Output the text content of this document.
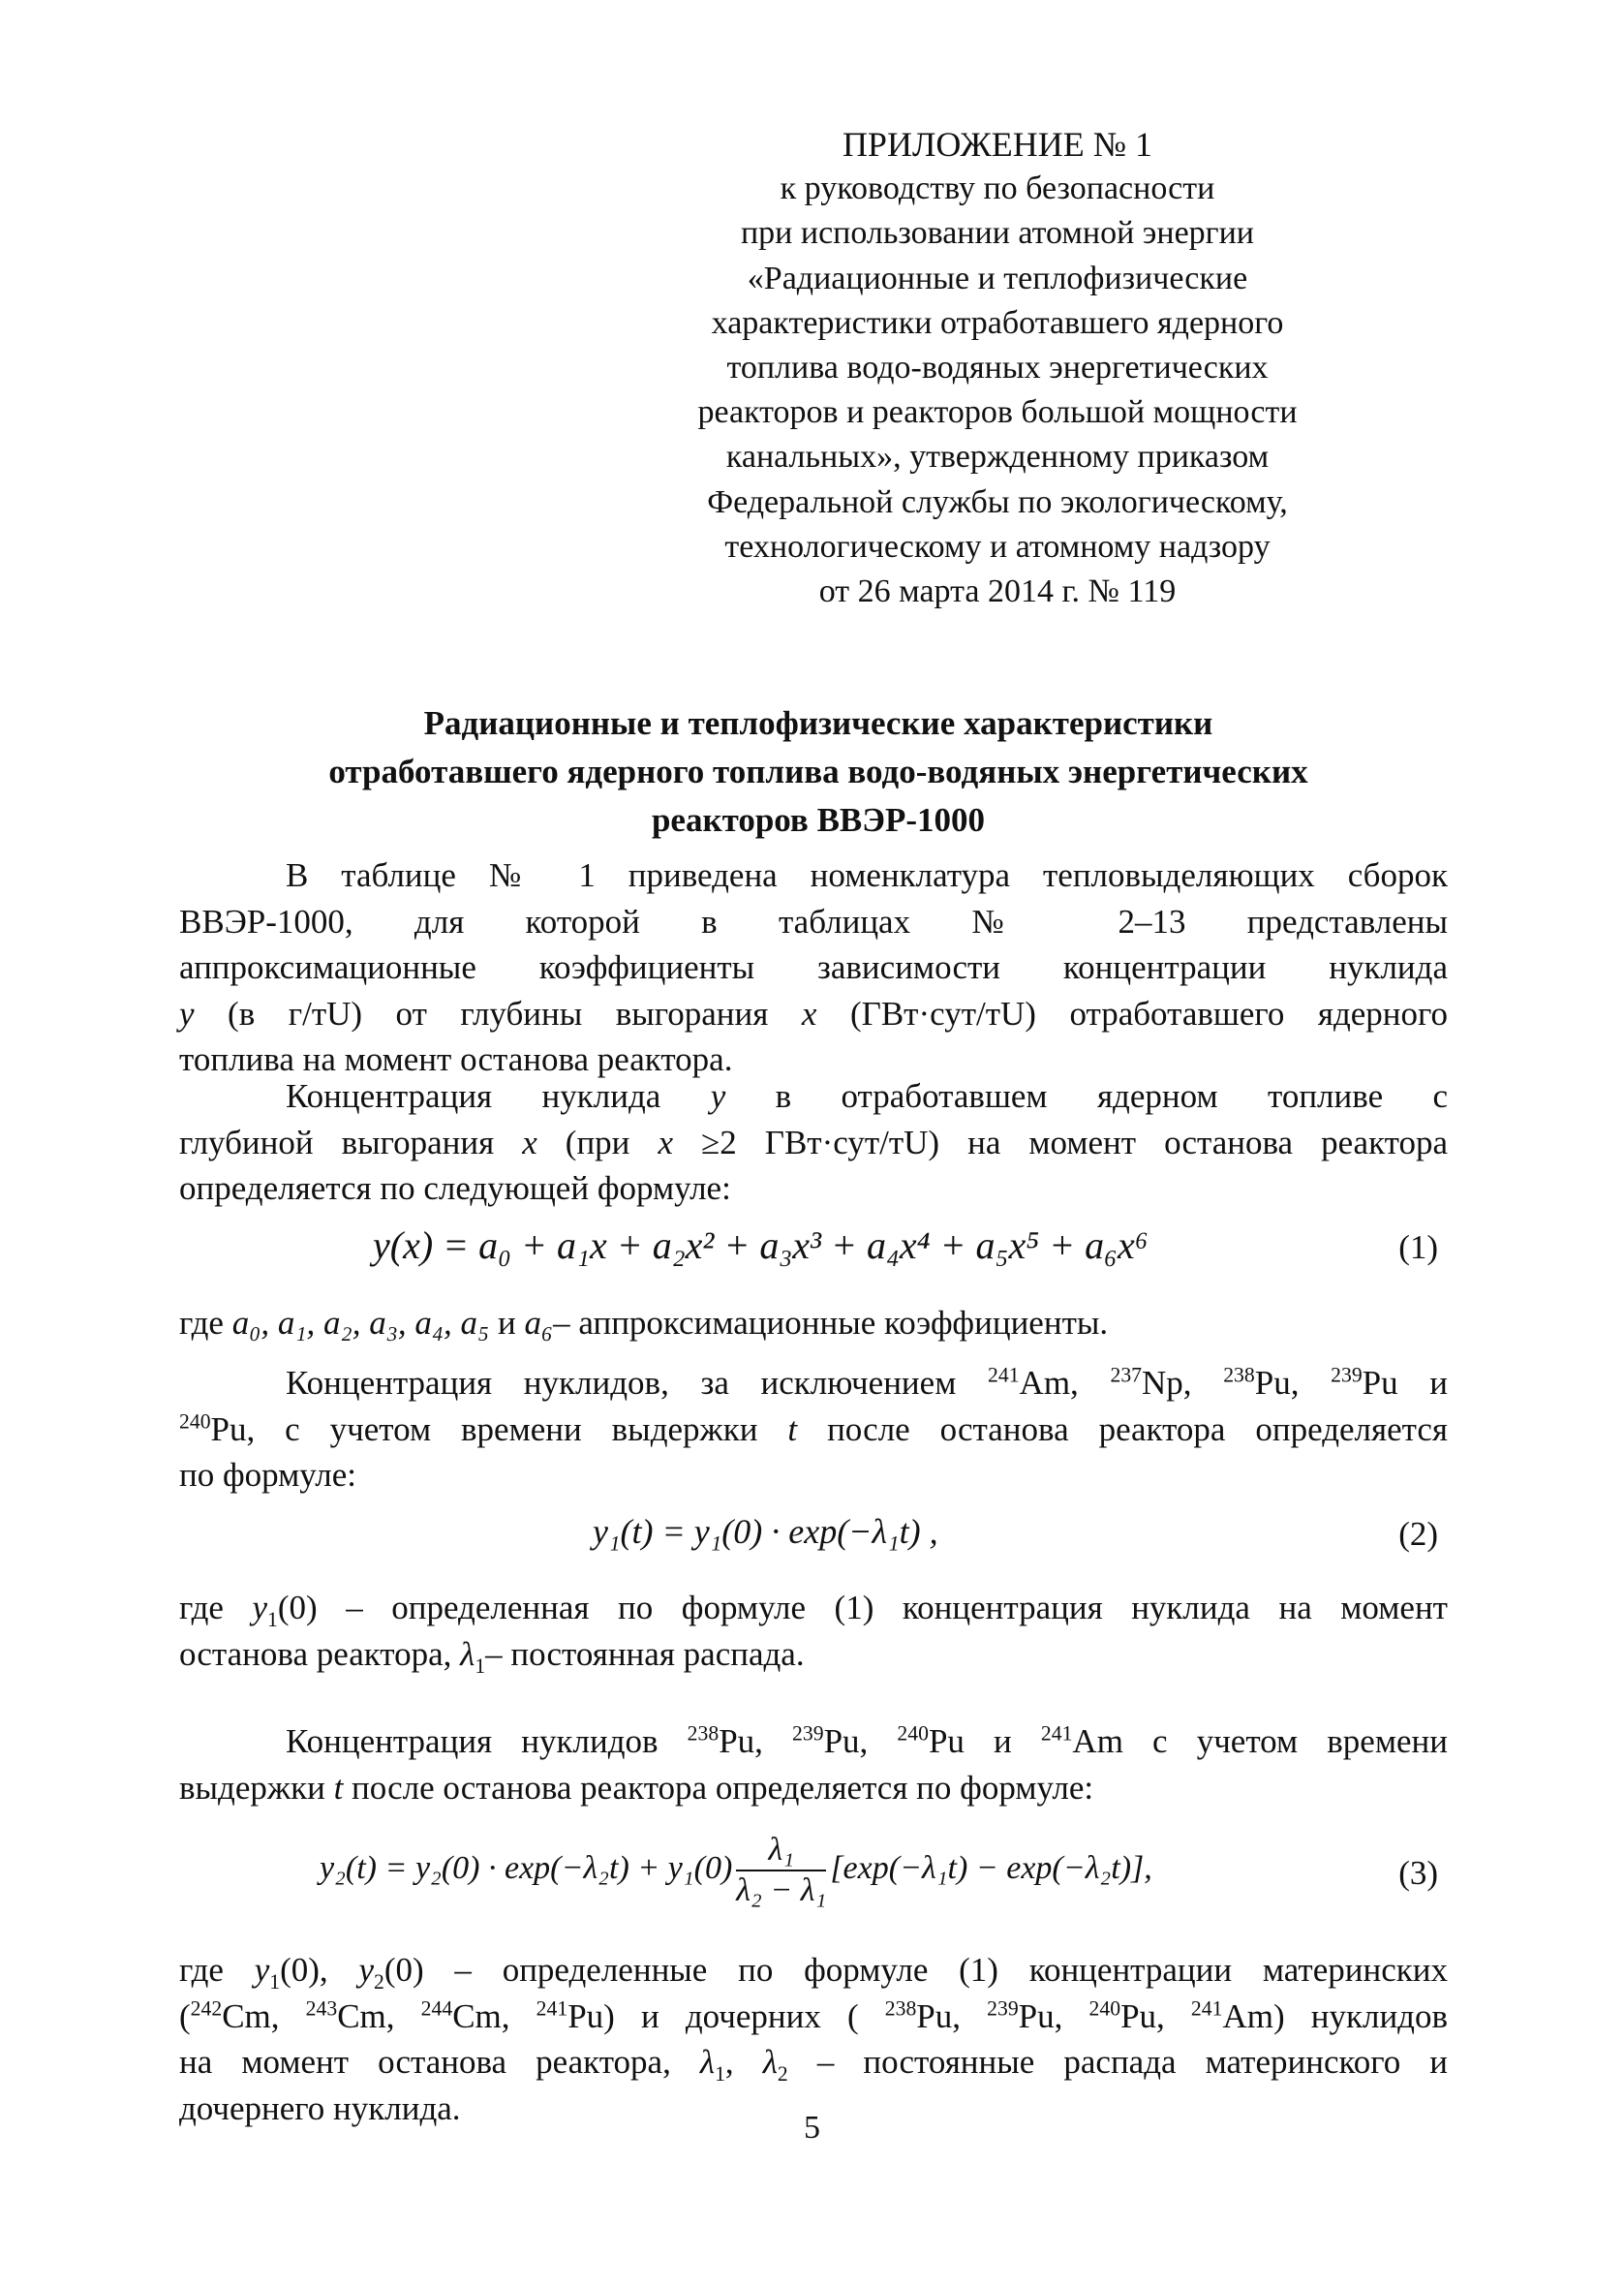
ПРИЛОЖЕНИЕ № 1
к руководству по безопасности
при использовании атомной энергии
«Радиационные и теплофизические
характеристики отработавшего ядерного
топлива водо-водяных энергетических
реакторов и реакторов большой мощности
канальных», утвержденному приказом
Федеральной службы по экологическому,
технологическому и атомному надзору
от 26 марта 2014 г. № 119
Радиационные и теплофизические характеристики
отработавшего ядерного топлива водо-водяных энергетических
реакторов ВВЭР-1000
В таблице № 1 приведена номенклатура тепловыделяющих сборок
ВВЭР-1000, для которой в таблицах № 2–13 представлены
аппроксимационные коэффициенты зависимости концентрации нуклида
y (в г/тU) от глубины выгорания x (ГВт·сут/тU) отработавшего ядерного
топлива на момент останова реактора.
Концентрация нуклида y в отработавшем ядерном топливе с
глубиной выгорания x (при x ≥2 ГВт·сут/тU) на момент останова реактора
определяется по следующей формуле:
y(x) = a₀ + a₁x + a₂x² + a₃x³ + a₄x⁴ + a₅x⁵ + a₆x⁶	(1)
где a₀, a₁, a₂, a₃, a₄, a₅ и a₆– аппроксимационные коэффициенты.
Концентрация нуклидов, за исключением $^{241}$Am, $^{237}$Np, $^{238}$Pu, $^{239}$Pu и
$^{240}$Pu, с учетом времени выдержки t после останова реактора определяется
по формуле:
y₁(t) = y₁(0) · exp(−λ₁t) ,	(2)
где $y_1(0)$ – определенная по формуле (1) концентрация нуклида на момент
останова реактора, $\lambda_1-$ постоянная распада.
Концентрация нуклидов $^{238}$Pu, $^{239}$Pu, $^{240}$Pu и $^{241}$Am с учетом времени
выдержки t после останова реактора определяется по формуле:
$y_2(t) = y_2(0) \cdot \exp(-\lambda_2t) + y_1(0) \frac{\text{λ₁}}{\text{λ₂ − λ₁}} [\exp(-\lambda_1t) - \exp(-\lambda_2t)]$,	(3)
где $y_1(0)$, $y_2(0)$ – определенные по формуле (1) концентрации материнских
($^{242}$Cm, $^{243}$Cm, $^{244}$Cm, $^{241}$Pu) и дочерних ( $^{238}$Pu, $^{239}$Pu, $^{240}$Pu, $^{241}$Am) нуклидов
на момент останова реактора, $\lambda_1$, $\lambda_2$ – постоянные распада материнского и
дочернего нуклида.
5
